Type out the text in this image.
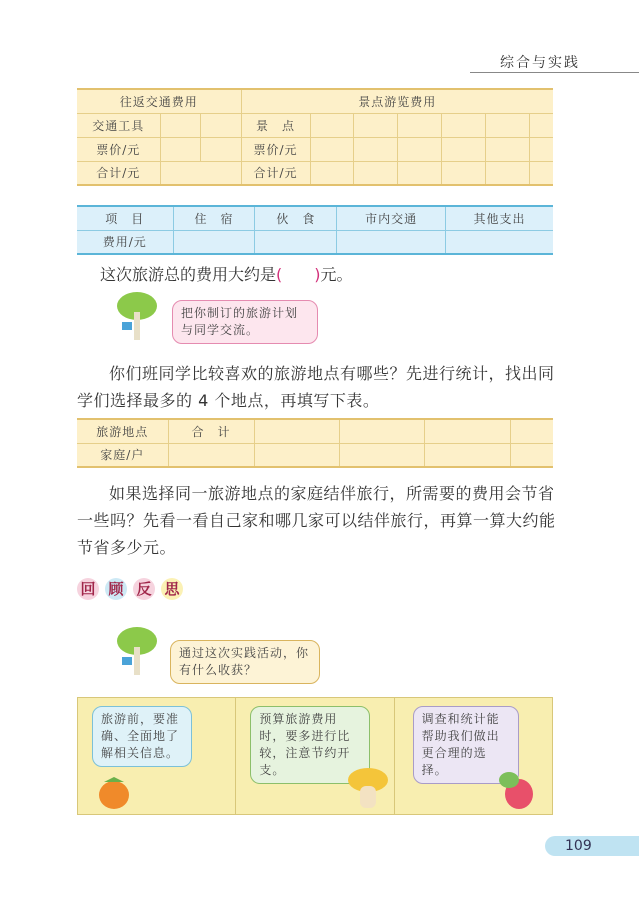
综合与实践
往返交通费用			景点游览费用						
交通工具			景　点						
票价/元			票价/元						
合计/元			合计/元						
项　目	住　宿	伙　食	市内交通	其他支出
费用/元				
这次旅游总的费用大约是(　　)元。
把你制订的旅游计划与同学交流。
你们班同学比较喜欢的旅游地点有哪些？先进行统计，找出同学们选择最多的 4 个地点，再填写下表。
旅游地点	合　计				
家庭/户					
如果选择同一旅游地点的家庭结伴旅行，所需要的费用会节省一些吗？先看一看自己家和哪几家可以结伴旅行，再算一算大约能节省多少元。
回 顾 反 思
通过这次实践活动，你有什么收获？
旅游前，要准确、全面地了解相关信息。
预算旅游费用时，要多进行比较，注意节约开支。
调查和统计能帮助我们做出更合理的选择。
109
